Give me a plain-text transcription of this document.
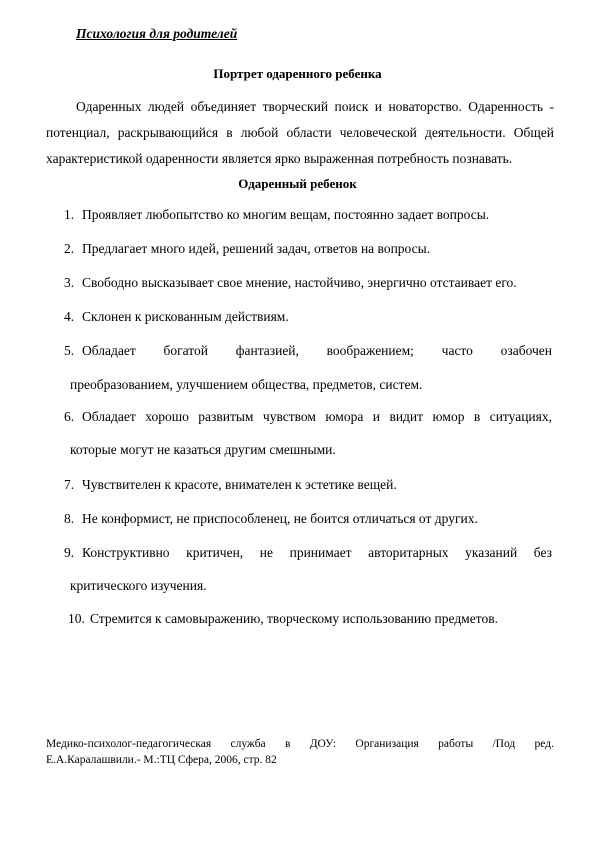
Психология для родителей
Портрет одаренного ребенка

Одаренных людей объединяет творческий поиск и новаторство. Одаренность - потенциал, раскрывающийся в любой области человеческой деятельности. Общей характеристикой одаренности является ярко выраженная потребность познавать.

Одаренный ребенок
1. Проявляет любопытство ко многим вещам, постоянно задает вопросы.
2. Предлагает много идей, решений задач, ответов на вопросы.
3. Свободно высказывает свое мнение, настойчиво, энергично отстаивает его.
4. Склонен к рискованным действиям.
5. Обладает богатой фантазией, воображением; часто озабочен
преобразованием, улучшением общества, предметов, систем.
6. Обладает хорошо развитым чувством юмора и видит юмор в ситуациях,
которые могут не казаться другим смешными.
7. Чувствителен к красоте, внимателен к эстетике вещей.
8. Не конформист, не приспособленец, не боится отличаться от других.
9. Конструктивно критичен, не принимает авторитарных указаний без
критического изучения.
10. Стремится к самовыражению, творческому использованию предметов.
Медико-психолог-педагогическая служба в ДОУ: Организация работы /Под ред.
Е.А.Каралашвили.- М.:ТЦ Сфера, 2006, стр. 82
